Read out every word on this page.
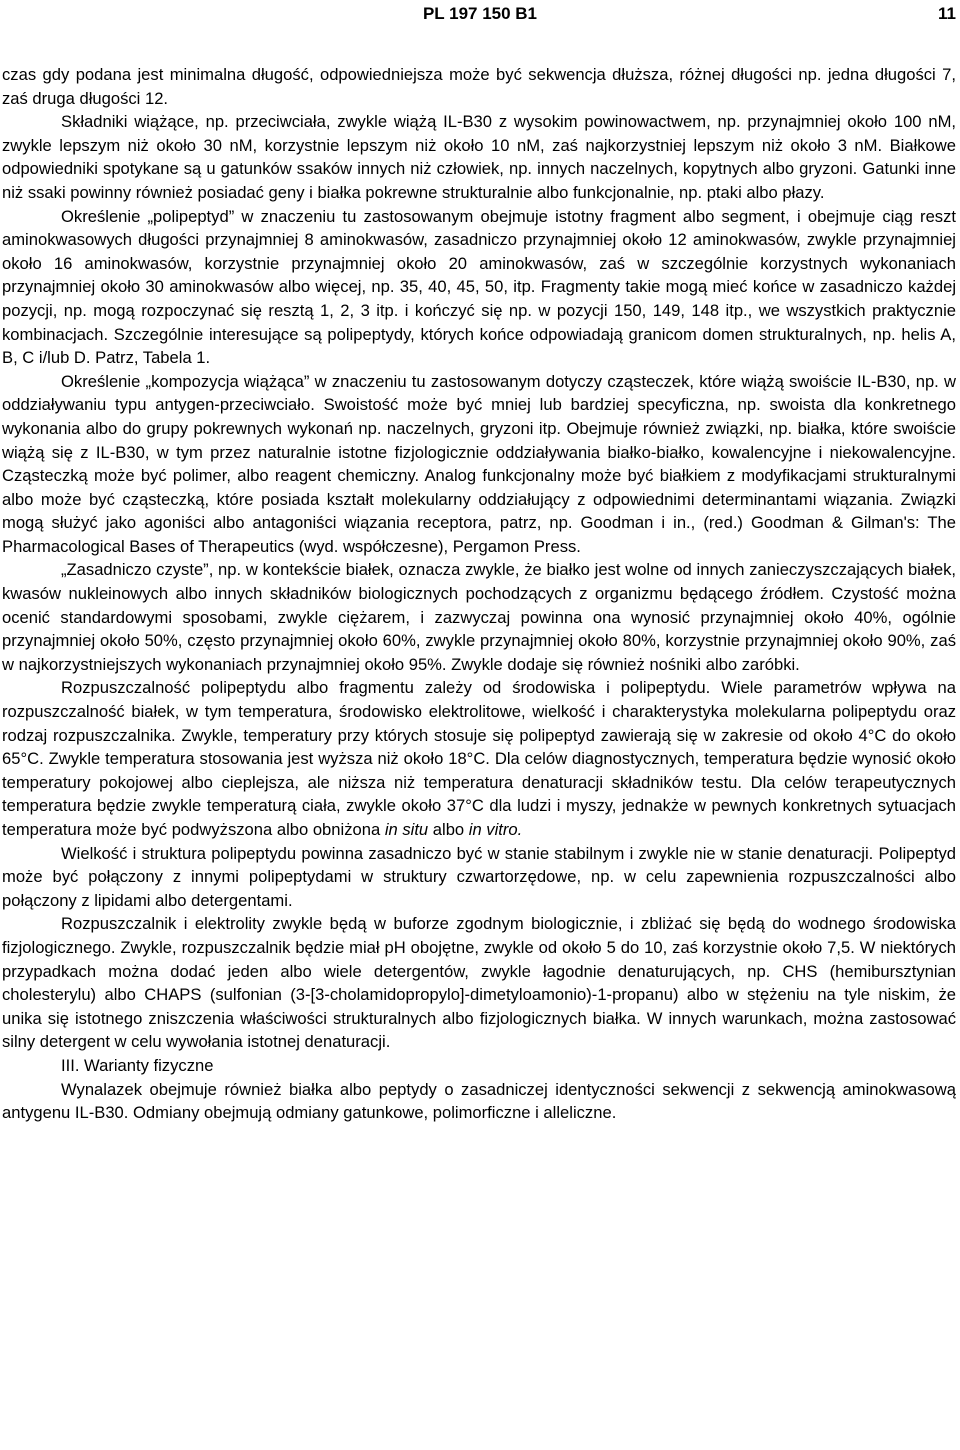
PL 197 150 B1	11

czas gdy podana jest minimalna długość, odpowiedniejsza może być sekwencja dłuższa, różnej długości np. jedna długości 7, zaś druga długości 12.

Składniki wiążące, np. przeciwciała, zwykle wiążą IL-B30 z wysokim powinowactwem, np. przynajmniej około 100 nM, zwykle lepszym niż około 30 nM, korzystnie lepszym niż około 10 nM, zaś najkorzystniej lepszym niż około 3 nM. Białkowe odpowiedniki spotykane są u gatunków ssaków innych niż człowiek, np. innych naczelnych, kopytnych albo gryzoni. Gatunki inne niż ssaki powinny również posiadać geny i białka pokrewne strukturalnie albo funkcjonalnie, np. ptaki albo płazy.

Określenie „polipeptyd” w znaczeniu tu zastosowanym obejmuje istotny fragment albo segment, i obejmuje ciąg reszt aminokwasowych długości przynajmniej 8 aminokwasów, zasadniczo przynajmniej około 12 aminokwasów, zwykle przynajmniej około 16 aminokwasów, korzystnie przynajmniej około 20 aminokwasów, zaś w szczególnie korzystnych wykonaniach przynajmniej około 30 aminokwasów albo więcej, np. 35, 40, 45, 50, itp. Fragmenty takie mogą mieć końce w zasadniczo każdej pozycji, np. mogą rozpoczynać się resztą 1, 2, 3 itp. i kończyć się np. w pozycji 150, 149, 148 itp., we wszystkich praktycznie kombinacjach. Szczególnie interesujące są polipeptydy, których końce odpowiadają granicom domen strukturalnych, np. helis A, B, C i/lub D. Patrz, Tabela 1.

Określenie „kompozycja wiążąca” w znaczeniu tu zastosowanym dotyczy cząsteczek, które wiążą swoiście IL-B30, np. w oddziaływaniu typu antygen-przeciwciało. Swoistość może być mniej lub bardziej specyficzna, np. swoista dla konkretnego wykonania albo do grupy pokrewnych wykonań np. naczelnych, gryzoni itp. Obejmuje również związki, np. białka, które swoiście wiążą się z IL-B30, w tym przez naturalnie istotne fizjologicznie oddziaływania białko-białko, kowalencyjne i niekowalencyjne. Cząsteczką może być polimer, albo reagent chemiczny. Analog funkcjonalny może być białkiem z modyfikacjami strukturalnymi albo może być cząsteczką, które posiada kształt molekularny oddziałujący z odpowiednimi determinantami wiązania. Związki mogą służyć jako agoniści albo antagoniści wiązania receptora, patrz, np. Goodman i in., (red.) Goodman & Gilman's: The Pharmacological Bases of Therapeutics (wyd. współczesne), Pergamon Press.

„Zasadniczo czyste”, np. w kontekście białek, oznacza zwykle, że białko jest wolne od innych zanieczyszczających białek, kwasów nukleinowych albo innych składników biologicznych pochodzących z organizmu będącego źródłem. Czystość można ocenić standardowymi sposobami, zwykle ciężarem, i zazwyczaj powinna ona wynosić przynajmniej około 40%, ogólnie przynajmniej około 50%, często przynajmniej około 60%, zwykle przynajmniej około 80%, korzystnie przynajmniej około 90%, zaś w najkorzystniejszych wykonaniach przynajmniej około 95%. Zwykle dodaje się również nośniki albo zaróbki.

Rozpuszczalność polipeptydu albo fragmentu zależy od środowiska i polipeptydu. Wiele parametrów wpływa na rozpuszczalność białek, w tym temperatura, środowisko elektrolitowe, wielkość i charakterystyka molekularna polipeptydu oraz rodzaj rozpuszczalnika. Zwykle, temperatury przy których stosuje się polipeptyd zawierają się w zakresie od około 4°C do około 65°C. Zwykle temperatura stosowania jest wyższa niż około 18°C. Dla celów diagnostycznych, temperatura będzie wynosić około temperatury pokojowej albo cieplejsza, ale niższa niż temperatura denaturacji składników testu. Dla celów terapeutycznych temperatura będzie zwykle temperaturą ciała, zwykle około 37°C dla ludzi i myszy, jednakże w pewnych konkretnych sytuacjach temperatura może być podwyższona albo obniżona in situ albo in vitro.

Wielkość i struktura polipeptydu powinna zasadniczo być w stanie stabilnym i zwykle nie w stanie denaturacji. Polipeptyd może być połączony z innymi polipeptydami w struktury czwartorzędowe, np. w celu zapewnienia rozpuszczalności albo połączony z lipidami albo detergentami.

Rozpuszczalnik i elektrolity zwykle będą w buforze zgodnym biologicznie, i zbliżać się będą do wodnego środowiska fizjologicznego. Zwykle, rozpuszczalnik będzie miał pH obojętne, zwykle od około 5 do 10, zaś korzystnie około 7,5. W niektórych przypadkach można dodać jeden albo wiele detergentów, zwykle łagodnie denaturujących, np. CHS (hemibursztynian cholesterylu) albo CHAPS (sulfonian (3-[3-cholamidopropylo]-dimetyloamonio)-1-propanu) albo w stężeniu na tyle niskim, że unika się istotnego zniszczenia właściwości strukturalnych albo fizjologicznych białka. W innych warunkach, można zastosować silny detergent w celu wywołania istotnej denaturacji.

III. Warianty fizyczne

Wynalazek obejmuje również białka albo peptydy o zasadniczej identyczności sekwencji z sekwencją aminokwasową antygenu IL-B30. Odmiany obejmują odmiany gatunkowe, polimorficzne i alleliczne.
